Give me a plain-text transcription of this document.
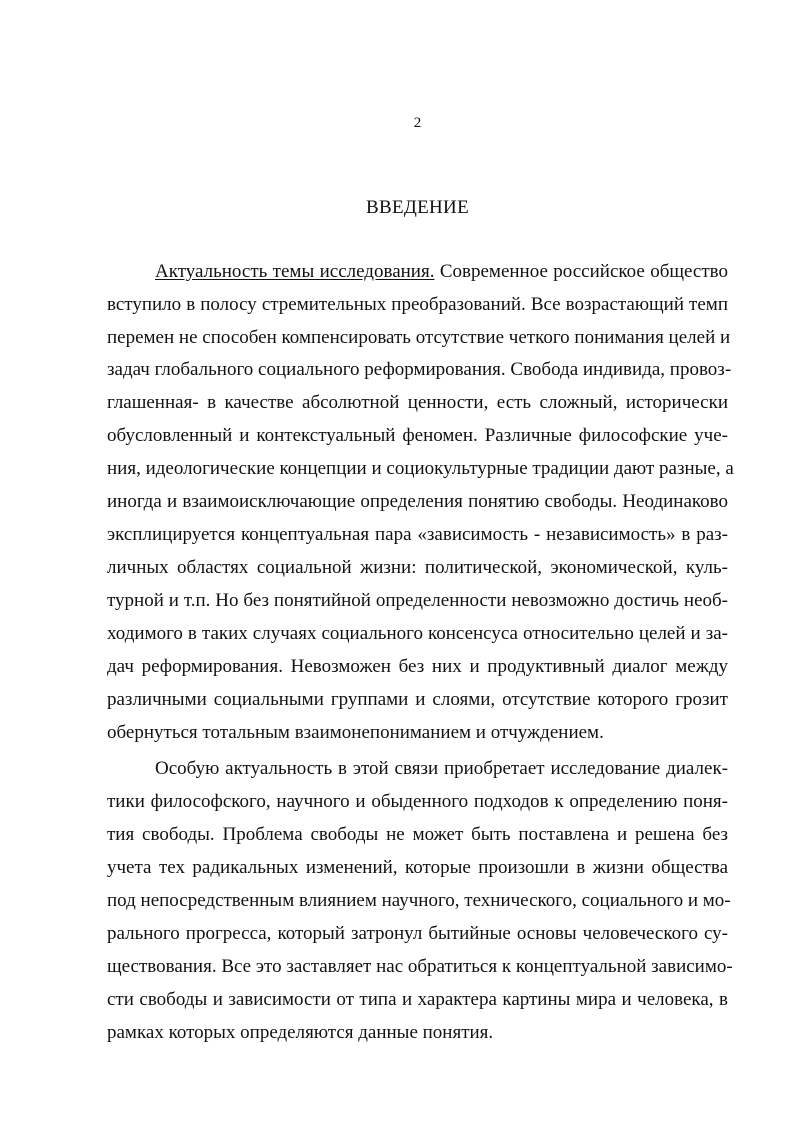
2
ВВЕДЕНИЕ
Актуальность темы исследования. Современное российское общество
вступило в полосу стремительных преобразований. Все возрастающий темп
перемен не способен компенсировать отсутствие четкого понимания целей и
задач глобального социального реформирования. Свобода индивида, провоз-
глашенная- в качестве абсолютной ценности, есть сложный, исторически
обусловленный и контекстуальный феномен. Различные философские уче-
ния, идеологические концепции и социокультурные традиции дают разные, а
иногда и взаимоисключающие определения понятию свободы. Неодинаково
эксплицируется концептуальная пара «зависимость - независимость» в раз-
личных областях социальной жизни: политической, экономической, куль-
турной и т.п. Но без понятийной определенности невозможно достичь необ-
ходимого в таких случаях социального консенсуса относительно целей и за-
дач реформирования. Невозможен без них и продуктивный диалог между
различными социальными группами и слоями, отсутствие которого грозит
обернуться тотальным взаимонепониманием и отчуждением.
Особую актуальность в этой связи приобретает исследование диалек-
тики философского, научного и обыденного подходов к определению поня-
тия свободы. Проблема свободы не может быть поставлена и решена без
учета тех радикальных изменений, которые произошли в жизни общества
под непосредственным влиянием научного, технического, социального и мо-
рального прогресса, который затронул бытийные основы человеческого су-
ществования. Все это заставляет нас обратиться к концептуальной зависимо-
сти свободы и зависимости от типа и характера картины мира и человека, в
рамках которых определяются данные понятия.
